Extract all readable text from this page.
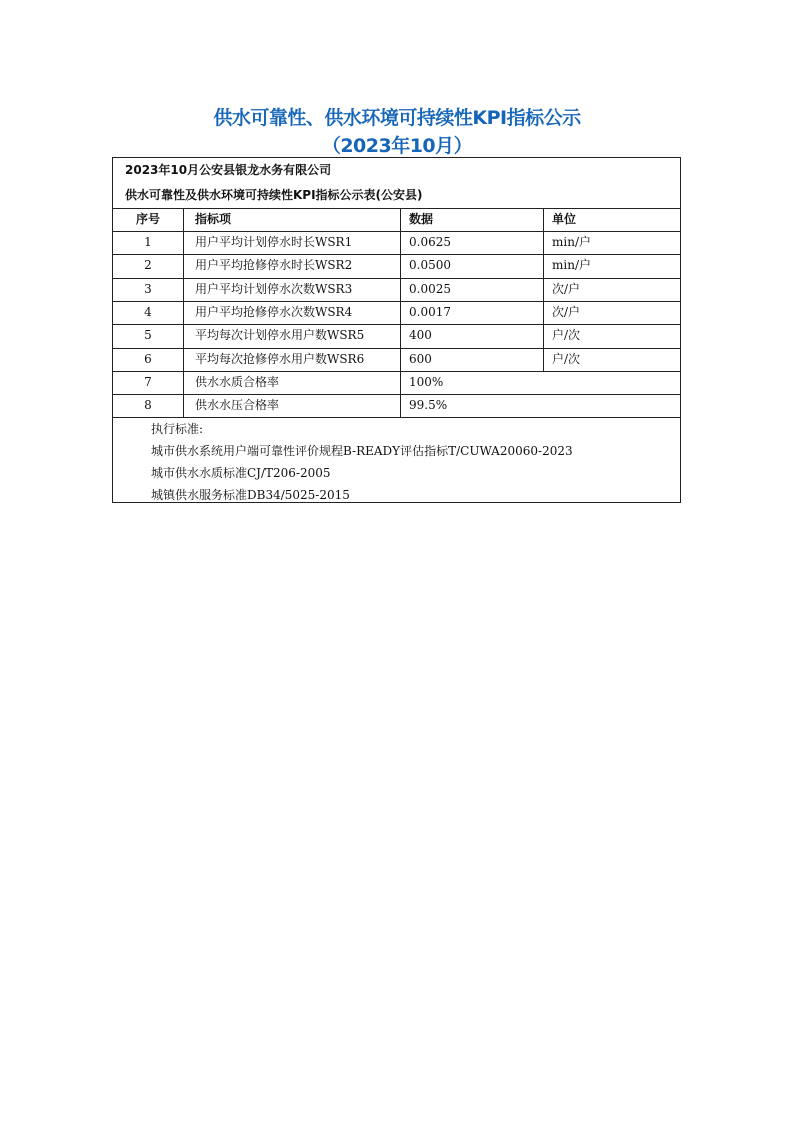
供水可靠性、供水环境可持续性KPI指标公示
（2023年10月）
2023年10月公安县银龙水务有限公司
供水可靠性及供水环境可持续性KPI指标公示表(公安县)
序号	指标项	数据	单位
1	用户平均计划停水时长WSR1	0.0625	min/户
2	用户平均抢修停水时长WSR2	0.0500	min/户
3	用户平均计划停水次数WSR3	0.0025	次/户
4	用户平均抢修停水次数WSR4	0.0017	次/户
5	平均每次计划停水用户数WSR5	400	户/次
6	平均每次抢修停水用户数WSR6	600	户/次
7	供水水质合格率	100%
8	供水水压合格率	99.5%
执行标准:
城市供水系统用户端可靠性评价规程B-READY评估指标T/CUWA20060-2023
城市供水水质标准CJ/T206-2005
城镇供水服务标准DB34/5025-2015
